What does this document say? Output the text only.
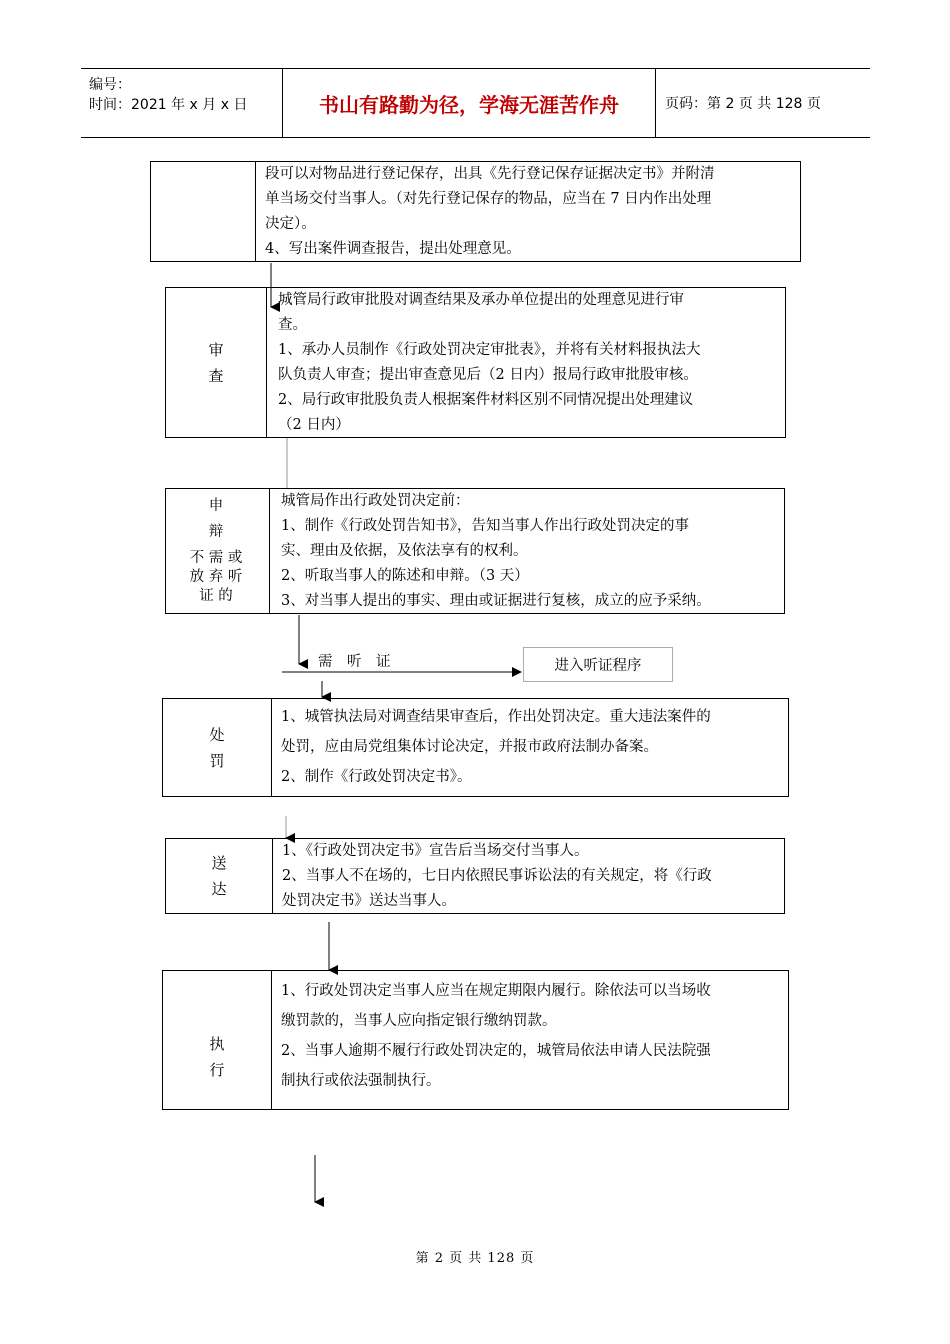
编号：
时间：2021 年 x 月 x 日	书山有路勤为径，学海无涯苦作舟	页码：第 2 页 共 128 页
段可以对物品进行登记保存，出具《先行登记保存证据决定书》并附清
单当场交付当事人。（对先行登记保存的物品，应当在 7 日内作出处理
决定）。
4、写出案件调查报告，提出处理意见。
审
查
城管局行政审批股对调查结果及承办单位提出的处理意见进行审
查。
1、承办人员制作《行政处罚决定审批表》，并将有关材料报执法大
队负责人审查；提出审查意见后（2 日内）报局行政审批股审核。
2、局行政审批股负责人根据案件材料区别不同情况提出处理建议
（2 日内）
申
辩
不 需 或
放 弃 听
证 的
城管局作出行政处罚决定前：
1、制作《行政处罚告知书》，告知当事人作出行政处罚决定的事
实、理由及依据，及依法享有的权利。
2、听取当事人的陈述和申辩。（3 天）
3、对当事人提出的事实、理由或证据进行复核，成立的应予采纳。
需　听　证	进入听证程序
处
罚
1、城管执法局对调查结果审查后，作出处罚决定。重大违法案件的
处罚，应由局党组集体讨论决定，并报市政府法制办备案。
2、制作《行政处罚决定书》。
送
达
1、《行政处罚决定书》宣告后当场交付当事人。
2、当事人不在场的，七日内依照民事诉讼法的有关规定，将《行政
处罚决定书》送达当事人。
执
行
1、行政处罚决定当事人应当在规定期限内履行。除依法可以当场收
缴罚款的，当事人应向指定银行缴纳罚款。
2、当事人逾期不履行行政处罚决定的，城管局依法申请人民法院强
制执行或依法强制执行。
第 2 页 共 128 页
